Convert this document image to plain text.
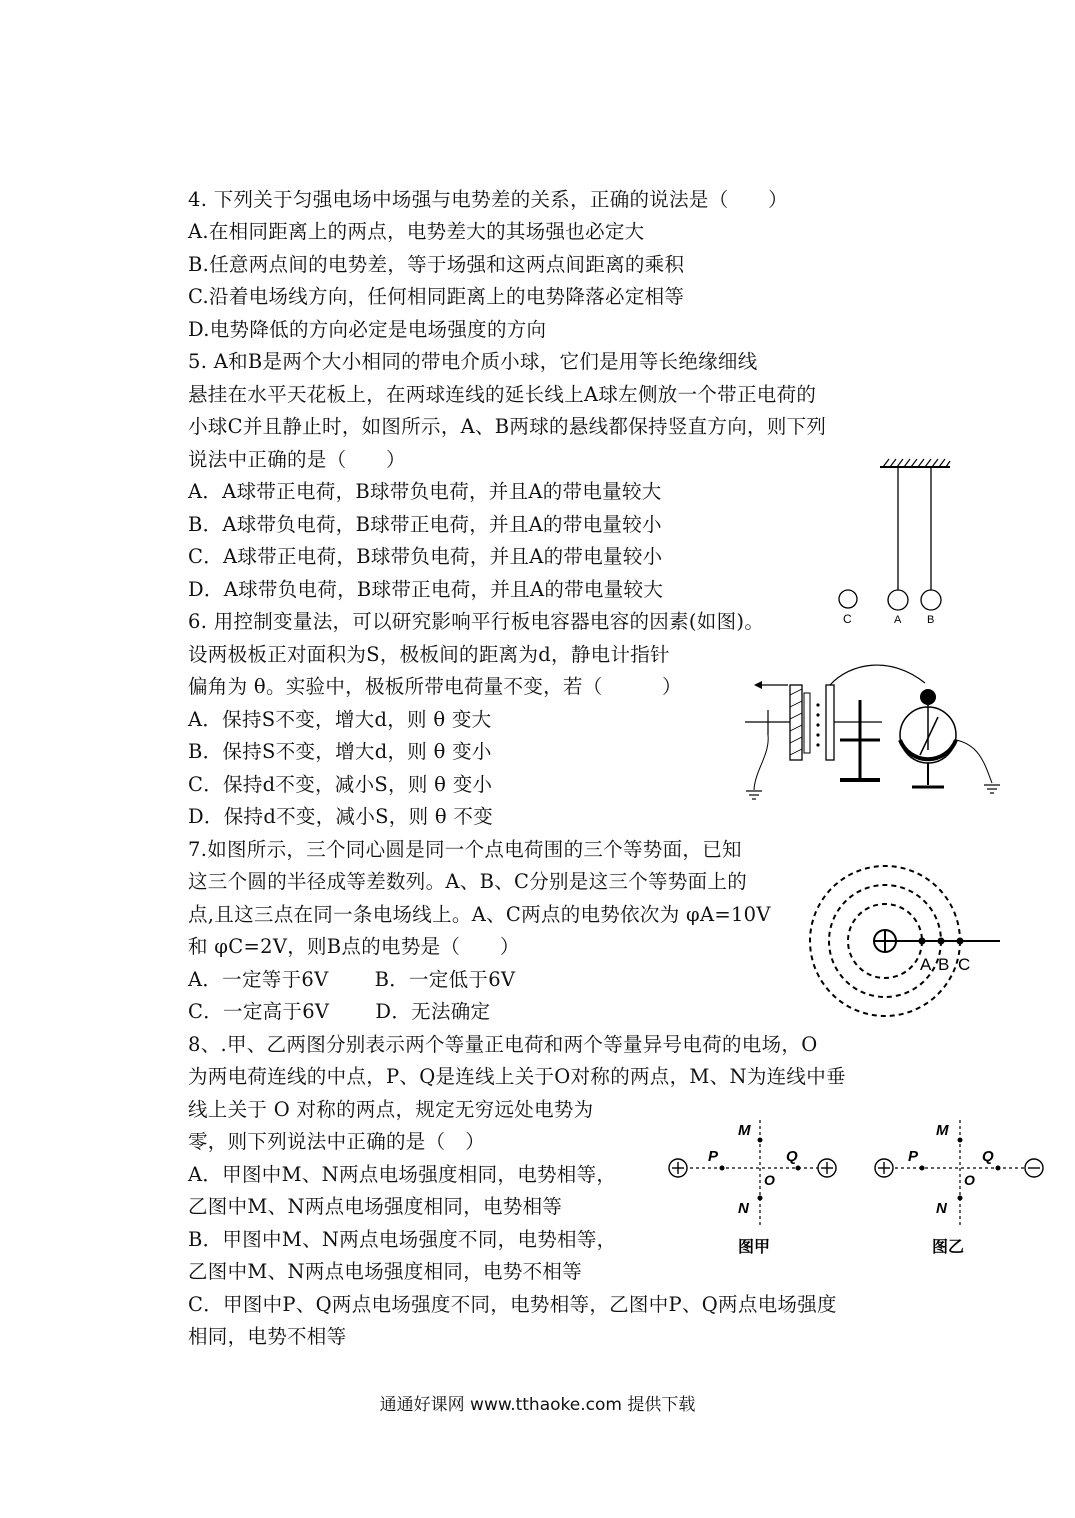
4. 下列关于匀强电场中场强与电势差的关系，正确的说法是（　　）
A.在相同距离上的两点，电势差大的其场强也必定大
B.任意两点间的电势差，等于场强和这两点间距离的乘积
C.沿着电场线方向，任何相同距离上的电势降落必定相等
D.电势降低的方向必定是电场强度的方向
5. A和B是两个大小相同的带电介质小球，它们是用等长绝缘细线
悬挂在水平天花板上，在两球连线的延长线上A球左侧放一个带正电荷的
小球C并且静止时，如图所示，A、B两球的悬线都保持竖直方向，则下列
说法中正确的是（　　）
A．A球带正电荷，B球带负电荷，并且A的带电量较大
B．A球带负电荷，B球带正电荷，并且A的带电量较小
C．A球带正电荷，B球带负电荷，并且A的带电量较小
D．A球带负电荷，B球带正电荷，并且A的带电量较大
6. 用控制变量法，可以研究影响平行板电容器电容的因素(如图)。
设两极板正对面积为S，极板间的距离为d，静电计指针
偏角为 θ。实验中，极板所带电荷量不变，若（　　　）
A．保持S不变，增大d，则 θ 变大
B．保持S不变，增大d，则 θ 变小
C．保持d不变，减小S，则 θ 变小
D．保持d不变，减小S，则 θ 不变
7.如图所示，三个同心圆是同一个点电荷围的三个等势面，已知
这三个圆的半径成等差数列。A、B、C分别是这三个等势面上的
点,且这三点在同一条电场线上。A、C两点的电势依次为 φA=10V
和 φC=2V，则B点的电势是（　　）
A．一定等于6V　　 B．一定低于6V
C．一定高于6V　　 D．无法确定
8、.甲、乙两图分别表示两个等量正电荷和两个等量异号电荷的电场，O
为两电荷连线的中点，P、Q是连线上关于O对称的两点，M、N为连线中垂
线上关于 O 对称的两点，规定无穷远处电势为
零，则下列说法中正确的是（　）
A．甲图中M、N两点电场强度相同，电势相等，
乙图中M、N两点电场强度相同，电势相等
B．甲图中M、N两点电场强度不同，电势相等，
乙图中M、N两点电场强度相同，电势不相等
C．甲图中P、Q两点电场强度不同，电势相等，乙图中P、Q两点电场强度
相同，电势不相等
C	A B
A B C
M
N
P	Q
O
图甲
M
N
P	Q
O
图乙
通通好课网 www.tthaoke.com 提供下载
